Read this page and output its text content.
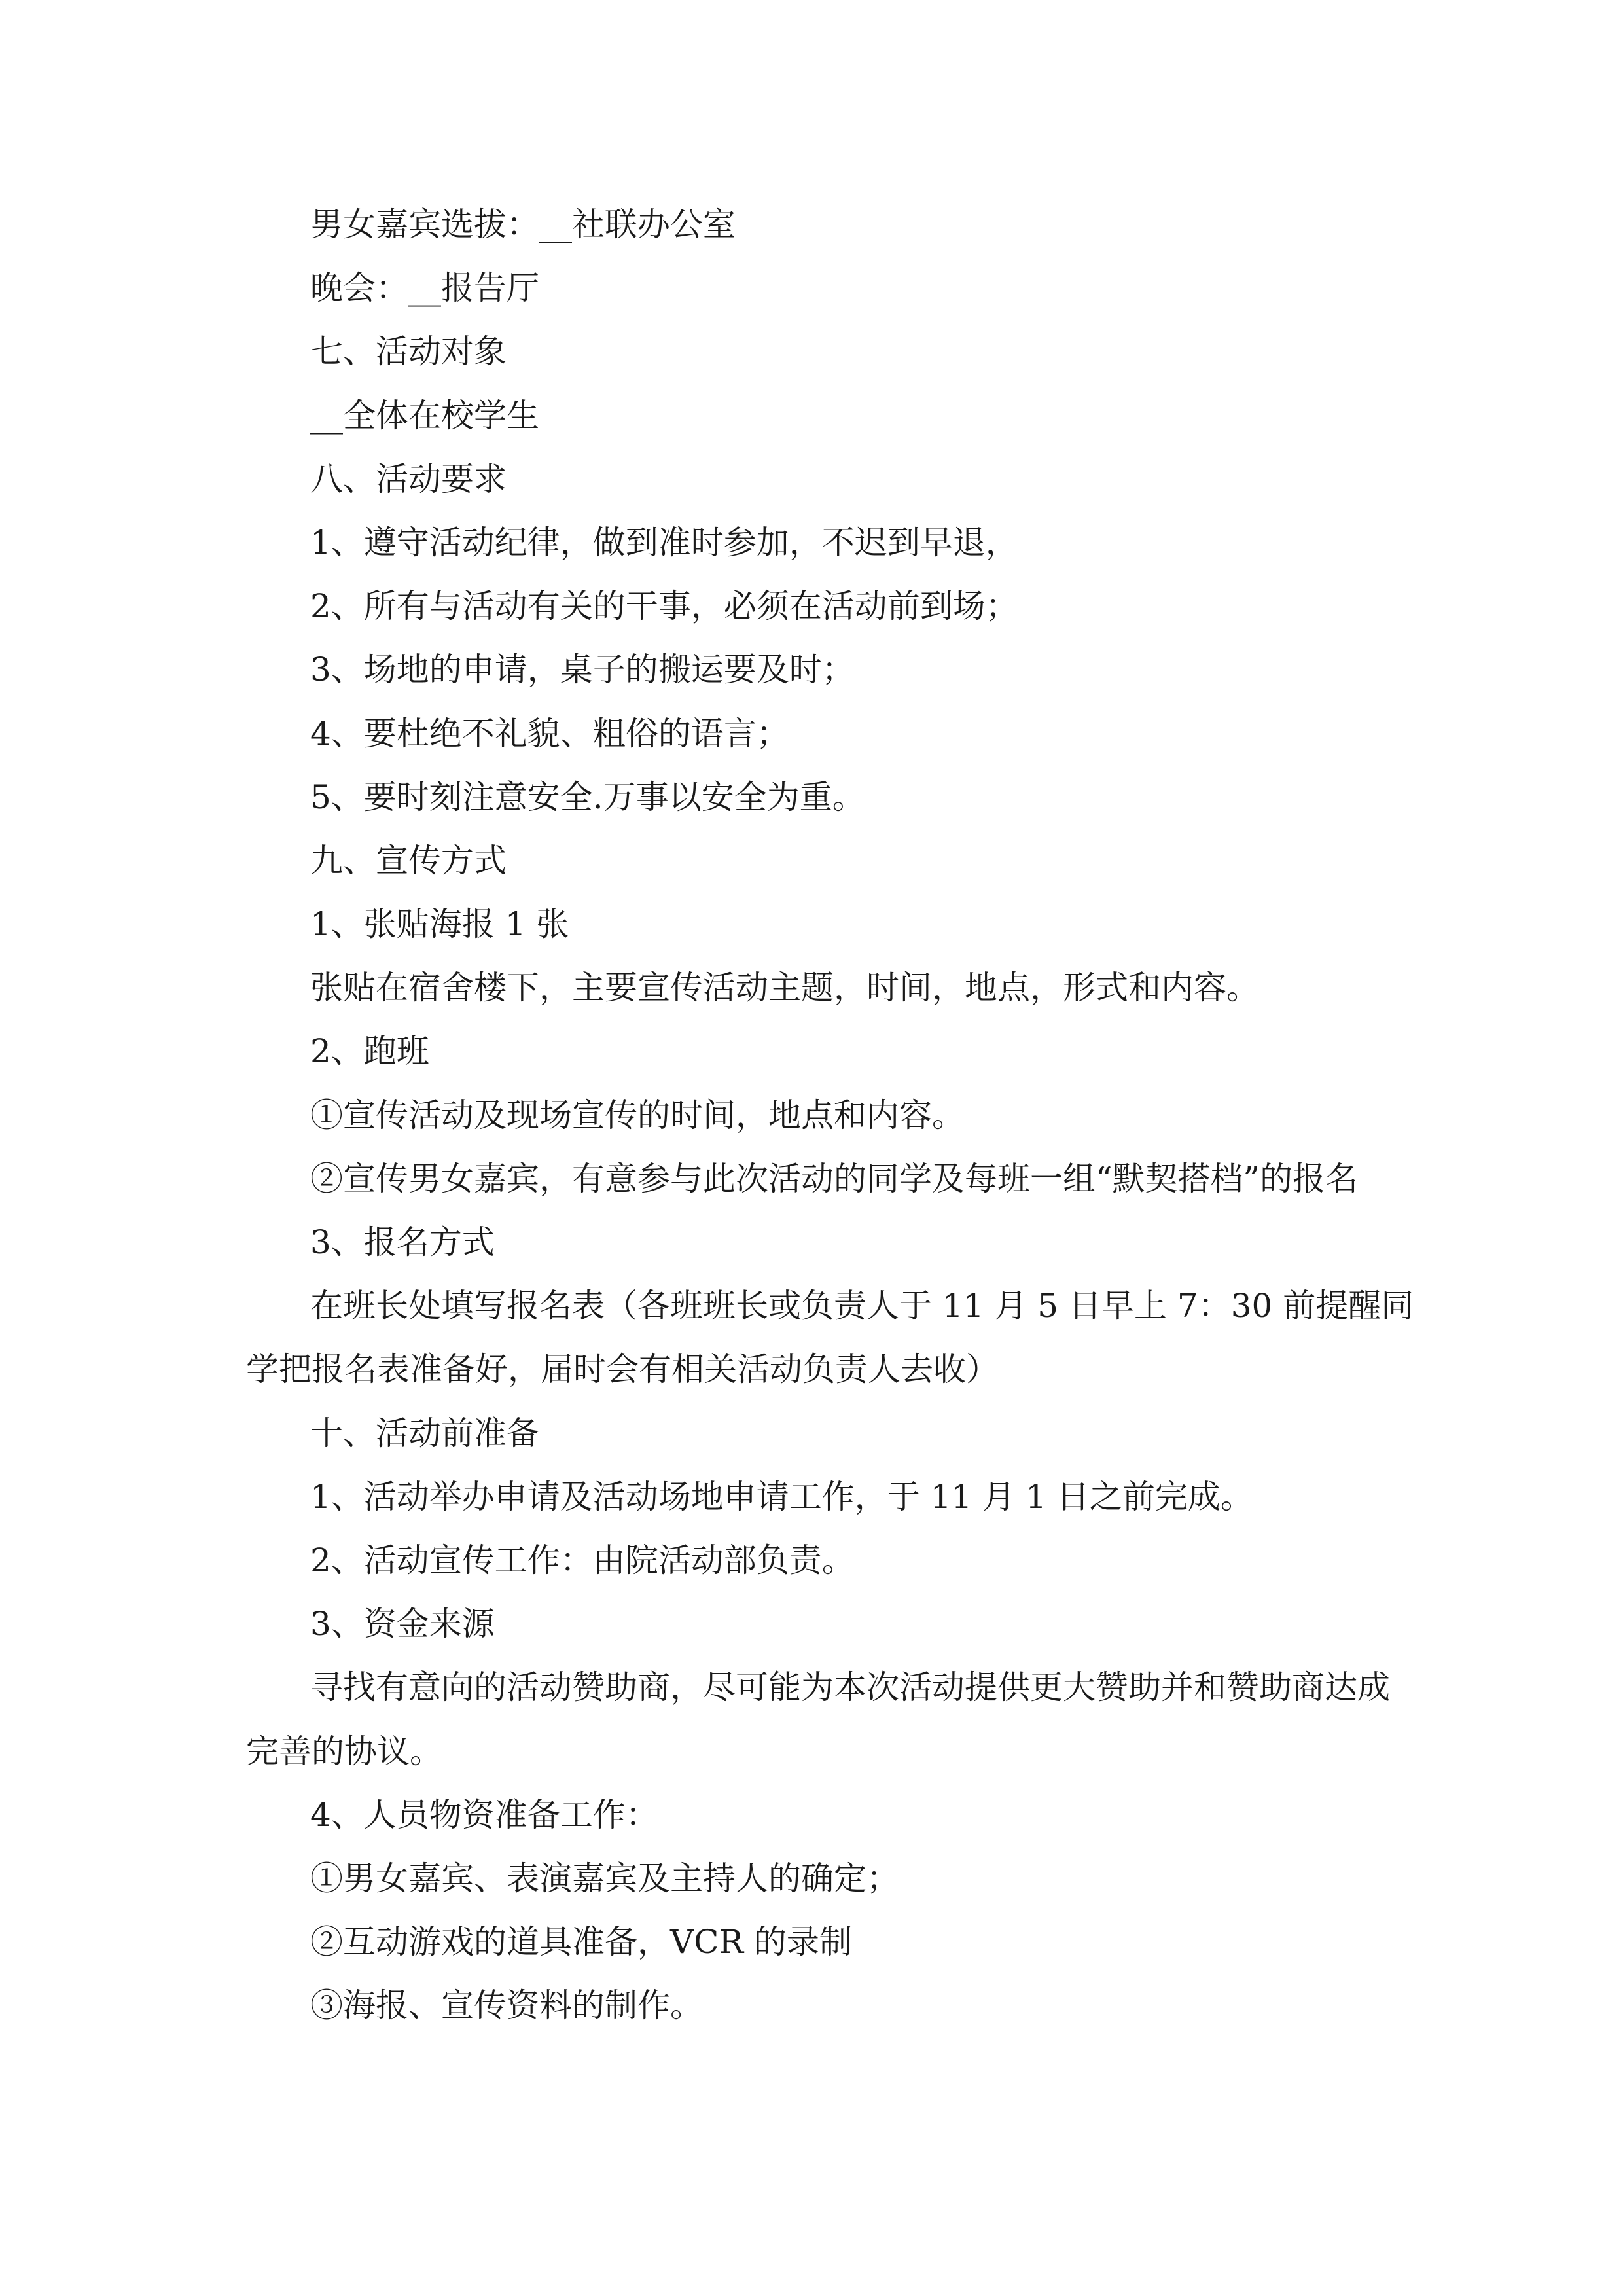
男女嘉宾选拔：__社联办公室

晚会：__报告厅

七、活动对象

__全体在校学生

八、活动要求

1、遵守活动纪律，做到准时参加，不迟到早退，

2、所有与活动有关的干事，必须在活动前到场；

3、场地的申请，桌子的搬运要及时；

4、要杜绝不礼貌、粗俗的语言；

5、要时刻注意安全.万事以安全为重。

九、宣传方式

1、张贴海报 1 张

张贴在宿舍楼下，主要宣传活动主题，时间，地点，形式和内容。

2、跑班

①宣传活动及现场宣传的时间，地点和内容。

②宣传男女嘉宾，有意参与此次活动的同学及每班一组“默契搭档”的报名

3、报名方式

在班长处填写报名表（各班班长或负责人于 11 月 5 日早上 7：30 前提醒同

学把报名表准备好，届时会有相关活动负责人去收）

十、活动前准备

1、活动举办申请及活动场地申请工作，于 11 月 1 日之前完成。

2、活动宣传工作：由院活动部负责。

3、资金来源

寻找有意向的活动赞助商，尽可能为本次活动提供更大赞助并和赞助商达成

完善的协议。

4、人员物资准备工作：

①男女嘉宾、表演嘉宾及主持人的确定；

②互动游戏的道具准备，VCR 的录制

③海报、宣传资料的制作。
